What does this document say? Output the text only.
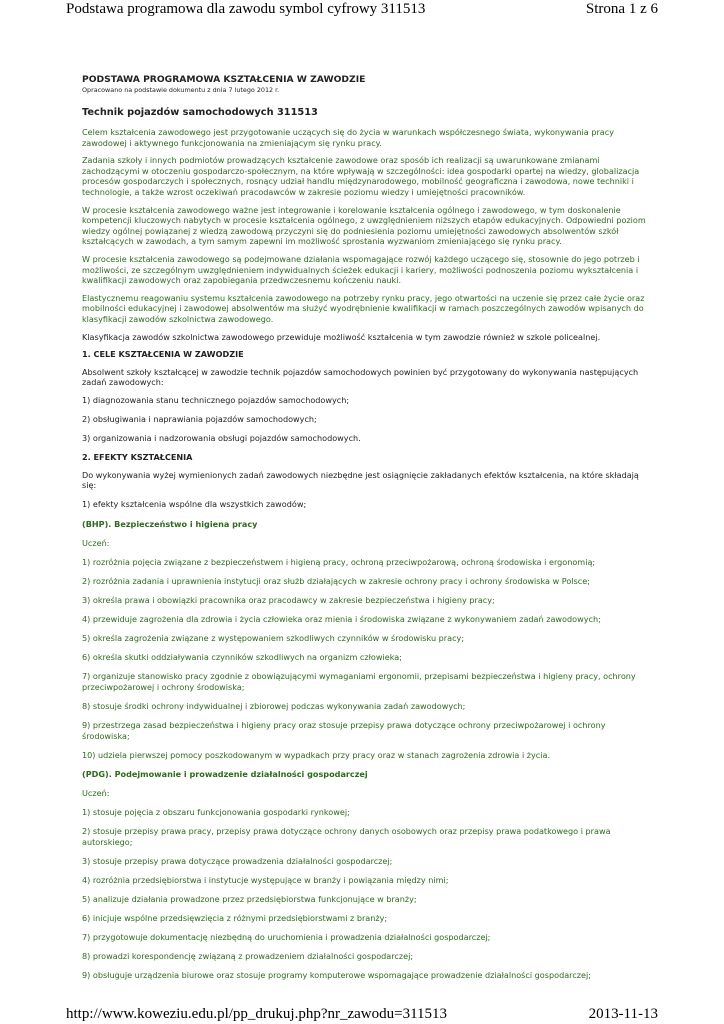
Podstawa programowa dla zawodu symbol cyfrowy 311513	Strona 1 z 6

PODSTAWA PROGRAMOWA KSZTAŁCENIA W ZAWODZIE

Opracowano na podstawie dokumentu z dnia 7 lutego 2012 r.

Technik pojazdów samochodowych 311513

Celem kształcenia zawodowego jest przygotowanie uczących się do życia w warunkach współczesnego świata, wykonywania pracy zawodowej i aktywnego funkcjonowania na zmieniającym się rynku pracy.

Zadania szkoły i innych podmiotów prowadzących kształcenie zawodowe oraz sposób ich realizacji są uwarunkowane zmianami zachodzącymi w otoczeniu gospodarczo-społecznym, na które wpływają w szczególności: idea gospodarki opartej na wiedzy, globalizacja procesów gospodarczych i społecznych, rosnący udział handlu międzynarodowego, mobilność geograficzna i zawodowa, nowe techniki i technologie, a także wzrost oczekiwań pracodawców w zakresie poziomu wiedzy i umiejętności pracowników.

W procesie kształcenia zawodowego ważne jest integrowanie i korelowanie kształcenia ogólnego i zawodowego, w tym doskonalenie kompetencji kluczowych nabytych w procesie kształcenia ogólnego, z uwzględnieniem niższych etapów edukacyjnych. Odpowiedni poziom wiedzy ogólnej powiązanej z wiedzą zawodową przyczyni się do podniesienia poziomu umiejętności zawodowych absolwentów szkół kształcących w zawodach, a tym samym zapewni im możliwość sprostania wyzwaniom zmieniającego się rynku pracy.

W procesie kształcenia zawodowego są podejmowane działania wspomagające rozwój każdego uczącego się, stosownie do jego potrzeb i możliwości, ze szczególnym uwzględnieniem indywidualnych ścieżek edukacji i kariery, możliwości podnoszenia poziomu wykształcenia i kwalifikacji zawodowych oraz zapobiegania przedwczesnemu kończeniu nauki.

Elastycznemu reagowaniu systemu kształcenia zawodowego na potrzeby rynku pracy, jego otwartości na uczenie się przez całe życie oraz mobilności edukacyjnej i zawodowej absolwentów ma służyć wyodrębnienie kwalifikacji w ramach poszczególnych zawodów wpisanych do klasyfikacji zawodów szkolnictwa zawodowego.

Klasyfikacja zawodów szkolnictwa zawodowego przewiduje możliwość kształcenia w tym zawodzie również w szkole policealnej.

1. CELE KSZTAŁCENIA W ZAWODZIE

Absolwent szkoły kształcącej w zawodzie technik pojazdów samochodowych powinien być przygotowany do wykonywania następujących zadań zawodowych:

1) diagnozowania stanu technicznego pojazdów samochodowych;

2) obsługiwania i naprawiania pojazdów samochodowych;

3) organizowania i nadzorowania obsługi pojazdów samochodowych.

2. EFEKTY KSZTAŁCENIA

Do wykonywania wyżej wymienionych zadań zawodowych niezbędne jest osiągnięcie zakładanych efektów kształcenia, na które składają się:

1) efekty kształcenia wspólne dla wszystkich zawodów;

(BHP). Bezpieczeństwo i higiena pracy

Uczeń:

1) rozróżnia pojęcia związane z bezpieczeństwem i higieną pracy, ochroną przeciwpożarową, ochroną środowiska i ergonomią;

2) rozróżnia zadania i uprawnienia instytucji oraz służb działających w zakresie ochrony pracy i ochrony środowiska w Polsce;

3) określa prawa i obowiązki pracownika oraz pracodawcy w zakresie bezpieczeństwa i higieny pracy;

4) przewiduje zagrożenia dla zdrowia i życia człowieka oraz mienia i środowiska związane z wykonywaniem zadań zawodowych;

5) określa zagrożenia związane z występowaniem szkodliwych czynników w środowisku pracy;

6) określa skutki oddziaływania czynników szkodliwych na organizm człowieka;

7) organizuje stanowisko pracy zgodnie z obowiązującymi wymaganiami ergonomii, przepisami bezpieczeństwa i higieny pracy, ochrony przeciwpożarowej i ochrony środowiska;

8) stosuje środki ochrony indywidualnej i zbiorowej podczas wykonywania zadań zawodowych;

9) przestrzega zasad bezpieczeństwa i higieny pracy oraz stosuje przepisy prawa dotyczące ochrony przeciwpożarowej i ochrony środowiska;

10) udziela pierwszej pomocy poszkodowanym w wypadkach przy pracy oraz w stanach zagrożenia zdrowia i życia.

(PDG). Podejmowanie i prowadzenie działalności gospodarczej

Uczeń:

1) stosuje pojęcia z obszaru funkcjonowania gospodarki rynkowej;

2) stosuje przepisy prawa pracy, przepisy prawa dotyczące ochrony danych osobowych oraz przepisy prawa podatkowego i prawa autorskiego;

3) stosuje przepisy prawa dotyczące prowadzenia działalności gospodarczej;

4) rozróżnia przedsiębiorstwa i instytucje występujące w branży i powiązania między nimi;

5) analizuje działania prowadzone przez przedsiębiorstwa funkcjonujące w branży;

6) inicjuje wspólne przedsięwzięcia z różnymi przedsiębiorstwami z branży;

7) przygotowuje dokumentację niezbędną do uruchomienia i prowadzenia działalności gospodarczej;

8) prowadzi korespondencję związaną z prowadzeniem działalności gospodarczej;

9) obsługuje urządzenia biurowe oraz stosuje programy komputerowe wspomagające prowadzenie działalności gospodarczej;

http://www.koweziu.edu.pl/pp_drukuj.php?nr_zawodu=311513	2013-11-13
